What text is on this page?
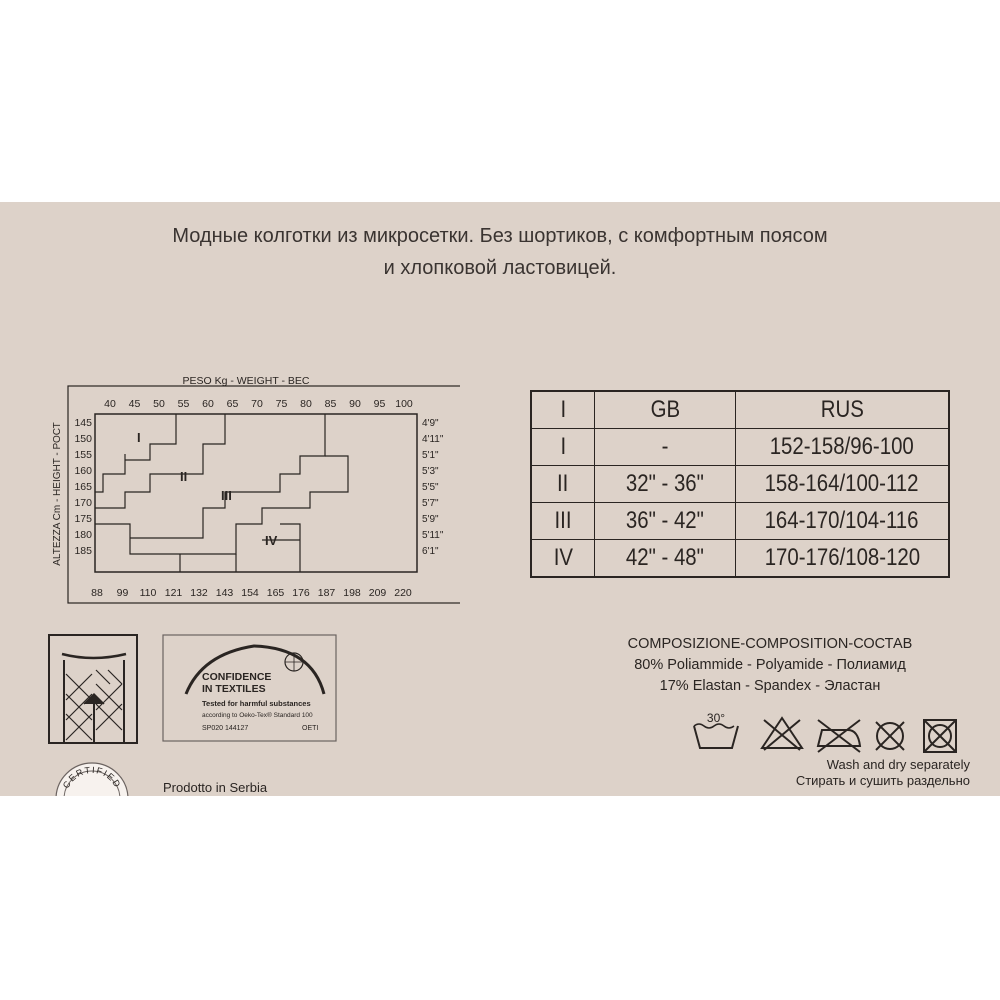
Модные колготки из микросетки. Без шортиков, с комфортным поясом
и хлопковой ластовицей.
PESO Kg - WEIGHT - BEC
40 45 50 55 60 65 70 75 80 85 90 95 100
88 99 110 121 132 143 154 165 176 187 198 209 220
145
150
155
160
165
170
175
180
185
4'9"
4'11"
5'1"
5'3"
5'5"
5'7"
5'9"
5'11"
6'1"
ALTEZZA Cm - HEIGHT - РОСТ	I
II
III
IV
I	GB	RUS
I	-	152-158/96-100
II	32" - 36"	158-164/100-112
III	36" - 42"	164-170/104-116
IV	42" - 48"	170-176/108-120
COMPOSIZIONE-COMPOSITION-СОСТАВ
80% Poliammide - Polyamide - Полиамид
17% Elastan - Spandex - Эластан
30°
Wash and dry separately
Стирать и сушить раздельно
CONFIDENCE
IN TEXTILES
Tested for harmful substances
according to Oeko-Tex® Standard 100
SP020 144127	OETI
Prodotto in Serbia
CERTIFIED
